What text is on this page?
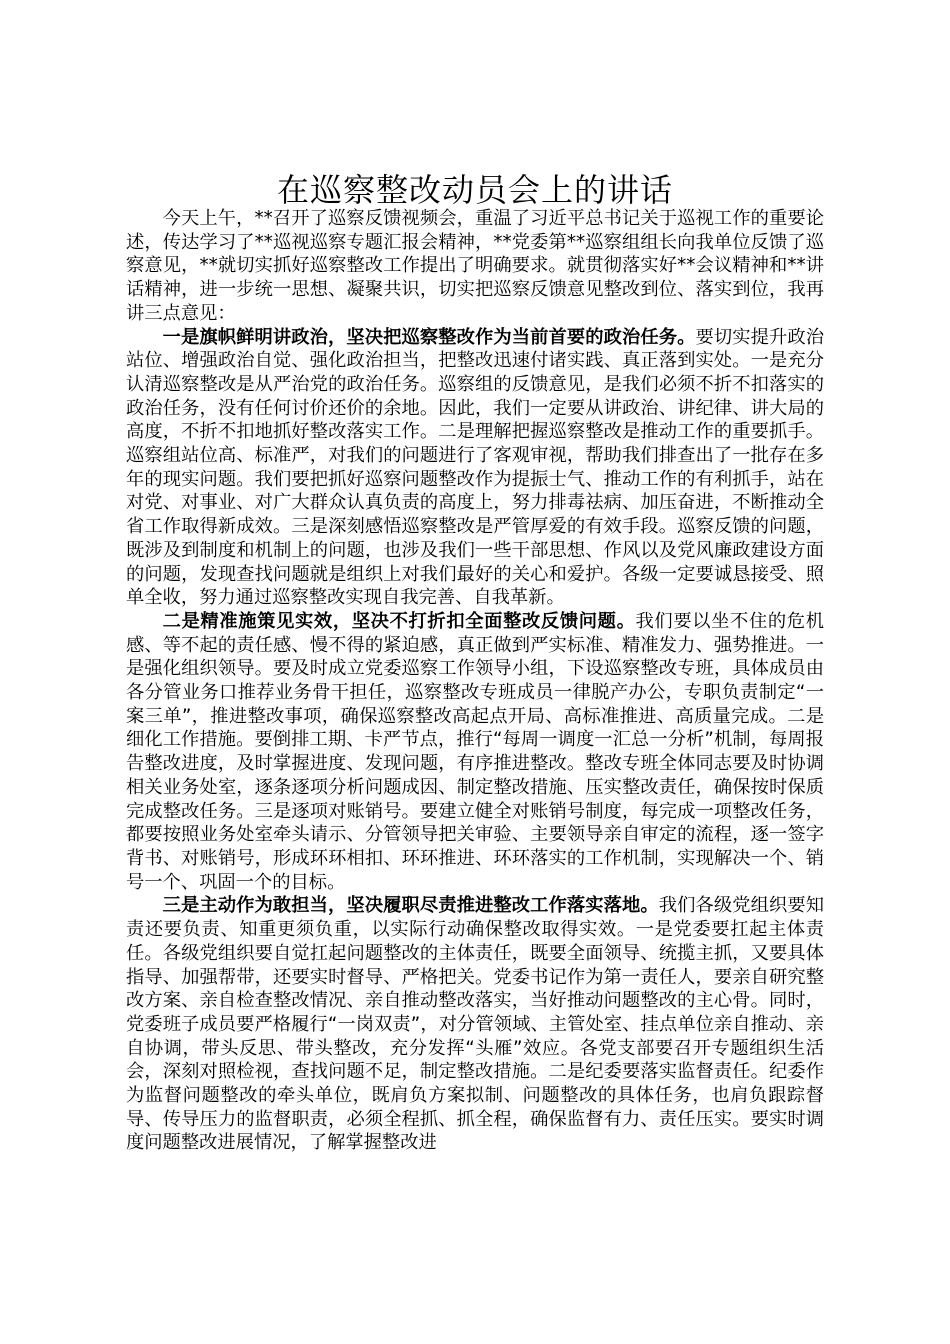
在巡察整改动员会上的讲话

今天上午，**召开了巡察反馈视频会，重温了习近平总书记关于巡视工作的重要论述，传达学习了**巡视巡察专题汇报会精神，**党委第**巡察组组长向我单位反馈了巡察意见，**就切实抓好巡察整改工作提出了明确要求。就贯彻落实好**会议精神和**讲话精神，进一步统一思想、凝聚共识，切实把巡察反馈意见整改到位、落实到位，我再讲三点意见：

一是旗帜鲜明讲政治，坚决把巡察整改作为当前首要的政治任务。要切实提升政治站位、增强政治自觉、强化政治担当，把整改迅速付诸实践、真正落到实处。一是充分认清巡察整改是从严治党的政治任务。巡察组的反馈意见，是我们必须不折不扣落实的政治任务，没有任何讨价还价的余地。因此，我们一定要从讲政治、讲纪律、讲大局的高度，不折不扣地抓好整改落实工作。二是理解把握巡察整改是推动工作的重要抓手。巡察组站位高、标准严，对我们的问题进行了客观审视，帮助我们排查出了一批存在多年的现实问题。我们要把抓好巡察问题整改作为提振士气、推动工作的有利抓手，站在对党、对事业、对广大群众认真负责的高度上，努力排毒祛病、加压奋进，不断推动全省工作取得新成效。三是深刻感悟巡察整改是严管厚爱的有效手段。巡察反馈的问题，既涉及到制度和机制上的问题，也涉及我们一些干部思想、作风以及党风廉政建设方面的问题，发现查找问题就是组织上对我们最好的关心和爱护。各级一定要诚恳接受、照单全收，努力通过巡察整改实现自我完善、自我革新。

二是精准施策见实效，坚决不打折扣全面整改反馈问题。我们要以坐不住的危机感、等不起的责任感、慢不得的紧迫感，真正做到严实标准、精准发力、强势推进。一是强化组织领导。要及时成立党委巡察工作领导小组，下设巡察整改专班，具体成员由各分管业务口推荐业务骨干担任，巡察整改专班成员一律脱产办公，专职负责制定“一案三单”，推进整改事项，确保巡察整改高起点开局、高标准推进、高质量完成。二是细化工作措施。要倒排工期、卡严节点，推行“每周一调度一汇总一分析”机制，每周报告整改进度，及时掌握进度、发现问题，有序推进整改。整改专班全体同志要及时协调相关业务处室，逐条逐项分析问题成因、制定整改措施、压实整改责任，确保按时保质完成整改任务。三是逐项对账销号。要建立健全对账销号制度，每完成一项整改任务，都要按照业务处室牵头请示、分管领导把关审验、主要领导亲自审定的流程，逐一签字背书、对账销号，形成环环相扣、环环推进、环环落实的工作机制，实现解决一个、销号一个、巩固一个的目标。

三是主动作为敢担当，坚决履职尽责推进整改工作落实落地。我们各级党组织要知责还要负责、知重更须负重，以实际行动确保整改取得实效。一是党委要扛起主体责任。各级党组织要自觉扛起问题整改的主体责任，既要全面领导、统揽主抓，又要具体指导、加强帮带，还要实时督导、严格把关。党委书记作为第一责任人，要亲自研究整改方案、亲自检查整改情况、亲自推动整改落实，当好推动问题整改的主心骨。同时，党委班子成员要严格履行“一岗双责”，对分管领域、主管处室、挂点单位亲自推动、亲自协调，带头反思、带头整改，充分发挥“头雁”效应。各党支部要召开专题组织生活会，深刻对照检视，查找问题不足，制定整改措施。二是纪委要落实监督责任。纪委作为监督问题整改的牵头单位，既肩负方案拟制、问题整改的具体任务，也肩负跟踪督导、传导压力的监督职责，必须全程抓、抓全程，确保监督有力、责任压实。要实时调度问题整改进展情况，了解掌握整改进
